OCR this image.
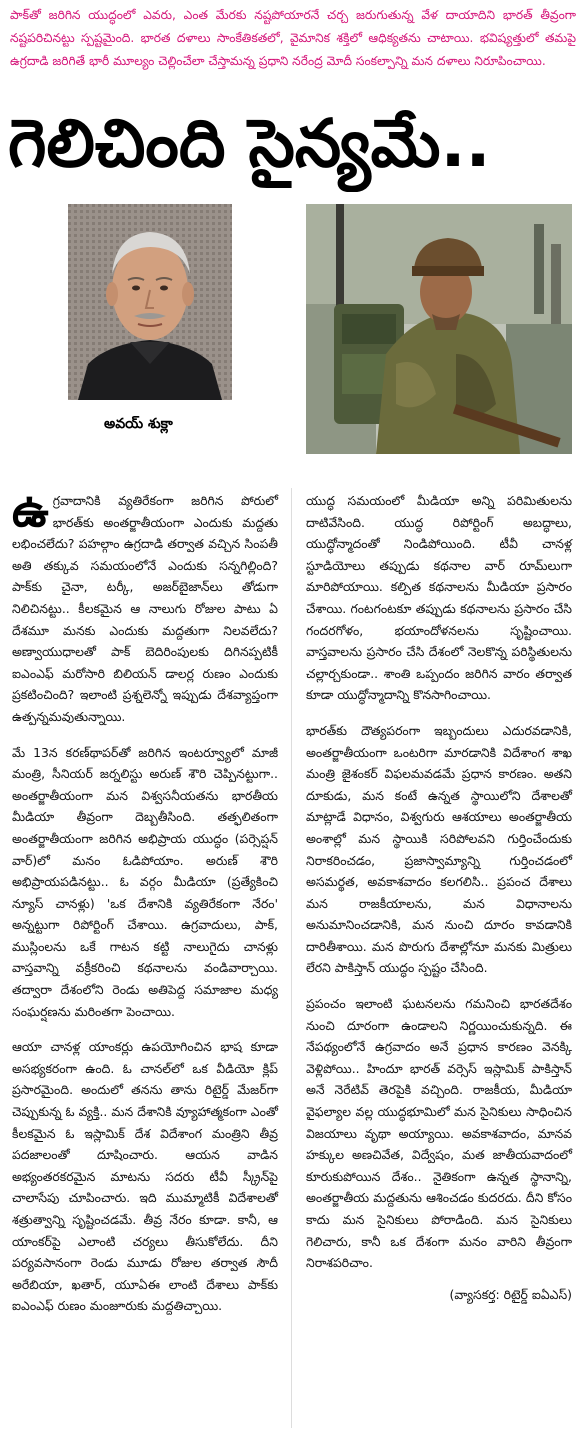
పాక్‌తో జరిగిన యుద్ధంలో ఎవరు, ఎంత మేరకు నష్టపోయారనే చర్చ జరుగుతున్న వేళ దాయాదిని భారత్ తీవ్రంగా నష్టపరిచినట్టు స్పష్టమైంది. భారత దళాలు సాంకేతికతలో, వైమానిక శక్తిలో ఆధిక్యతను చాటాయి. భవిష్యత్తులో తమపై ఉగ్రదాడి జరిగితే భారీ మూల్యం చెల్లించేలా చేస్తామన్న ప్రధాని నరేంద్ర మోదీ సంకల్పాన్ని మన దళాలు నిరూపించాయి.

గెలిచింది సైన్యమే..
అవయ్ శుక్లా

ఉగ్రవాదానికి వ్యతిరేకంగా జరిగిన పోరులో భారత్‌కు అంతర్జాతీయంగా ఎందుకు మద్దతు లభించలేదు? పహల్గాం ఉగ్రదాడి తర్వాత వచ్చిన సింపతీ అతి తక్కువ సమయంలోనే ఎందుకు సన్నగిల్లింది? పాక్‌కు చైనా, టర్కీ, అజర్‌బైజాన్‌లు తోడుగా నిలిచినట్టు.. కీలకమైన ఆ నాలుగు రోజుల పాటు ఏ దేశమూ మనకు ఎందుకు మద్దతుగా నిలవలేదు? అణ్వాయుధాలతో పాక్ బెదిరింపులకు దిగినప్పటికీ ఐఎంఎఫ్ మరోసారి బిలియన్ డాలర్ల రుణం ఎందుకు ప్రకటించింది? ఇలాంటి ప్రశ్నలెన్నో ఇప్పుడు దేశవ్యాప్తంగా ఉత్పన్నమవుతున్నాయి.

మే 13న కరణ్‌థాపర్‌తో జరిగిన ఇంటర్వ్యూలో మాజీ మంత్రి, సీనియర్ జర్నలిస్టు అరుణ్ శౌరి చెప్పినట్టుగా.. అంతర్జాతీయంగా మన విశ్వసనీయతను భారతీయ మీడియా తీవ్రంగా దెబ్బతీసింది. తత్ఫలితంగా అంతర్జాతీయంగా జరిగిన అభిప్రాయ యుద్ధం (పర్సెప్షన్ వార్)లో మనం ఓడిపోయాం. అరుణ్ శౌరి అభిప్రాయపడినట్టు.. ఓ వర్గం మీడియా (ప్రత్యేకించి న్యూస్ చానళ్లు) 'ఒక దేశానికి వ్యతిరేకంగా నేరం' అన్నట్టుగా రిపోర్టింగ్ చేశాయి. ఉగ్రవాదులు, పాక్, ముస్లింలను ఒకే గాటన కట్టి నాలుగైదు చానళ్లు వాస్తవాన్ని వక్రీకరించి కథనాలను వండివార్చాయి. తద్వారా దేశంలోని రెండు అతిపెద్ద సమాజాల మధ్య సంఘర్షణను మరింతగా పెంచాయి.

ఆయా చానళ్ల యాంకర్లు ఉపయోగించిన భాష కూడా అసభ్యకరంగా ఉంది. ఓ చానల్‌లో ఒక వీడియో క్లిప్ ప్రసారమైంది. అందులో తనను తాను రిటైర్డ్ మేజర్‌గా చెప్పుకున్న ఓ వ్యక్తి.. మన దేశానికి వ్యూహాత్మకంగా ఎంతో కీలకమైన ఓ ఇస్లామిక్ దేశ విదేశాంగ మంత్రిని తీవ్ర పదజాలంతో దూషించారు. ఆయన వాడిన అభ్యంతరకరమైన మాటను సదరు టీవీ స్క్రీన్‌పై చాలాసేపు చూపించారు. ఇది ముమ్మాటికీ విదేశాలతో శత్రుత్వాన్ని సృష్టించడమే. తీవ్ర నేరం కూడా. కానీ, ఆ యాంకర్‌పై ఎలాంటి చర్యలు తీసుకోలేదు. దీని పర్యవసానంగా రెండు మూడు రోజుల తర్వాత సౌదీ అరేబియా, ఖతార్, యూఏఈ లాంటి దేశాలు పాక్‌కు ఐఎంఎఫ్ రుణం మంజూరుకు మద్దతిచ్చాయి.

యుద్ధ సమయంలో మీడియా అన్ని పరిమితులను దాటివేసింది. యుద్ధ రిపోర్టింగ్ అబద్ధాలు, యుద్ధోన్మాదంతో నిండిపోయింది. టీవీ చానళ్ల స్టూడియోలు తప్పుడు కథనాల వార్ రూమ్‌లుగా మారిపోయాయి. కల్పిత కథనాలను మీడియా ప్రసారం చేశాయి. గంటగంటకూ తప్పుడు కథనాలను ప్రసారం చేసి గందరగోళం, భయాందోళనలను సృష్టించాయి. వాస్తవాలను ప్రసారం చేసి దేశంలో నెలకొన్న పరిస్థితులను చల్లార్చకుండా.. శాంతి ఒప్పందం జరిగిన వారం తర్వాత కూడా యుద్ధోన్మాదాన్ని కొనసాగించాయి.

భారత్‌కు దౌత్యపరంగా ఇబ్బందులు ఎదురవడానికి, అంతర్జాతీయంగా ఒంటరిగా మారడానికి విదేశాంగ శాఖ మంత్రి జైశంకర్ విఫలమవడమే ప్రధాన కారణం. అతని దూకుడు, మన కంటే ఉన్నత స్థాయిలోని దేశాలతో మాట్లాడే విధానం, విశ్వగురు ఆశయాలు అంతర్జాతీయ అంశాల్లో మన స్థాయికి సరిపోలవని గుర్తించేందుకు నిరాకరించడం, ప్రజాస్వామ్యాన్ని గుర్తించడంలో అసమర్థత, అవకాశవాదం కలగలిసి.. ప్రపంచ దేశాలు మన రాజకీయాలను, మన విధానాలను అనుమానించడానికి, మన నుంచి దూరం కావడానికి దారితీశాయి. మన పొరుగు దేశాల్లోనూ మనకు మిత్రులు లేరని పాకిస్తాన్ యుద్ధం స్పష్టం చేసింది.

ప్రపంచం ఇలాంటి ఘటనలను గమనించి భారతదేశం నుంచి దూరంగా ఉండాలని నిర్ణయించుకున్నది. ఈ నేపథ్యంలోనే ఉగ్రవాదం అనే ప్రధాన కారణం వెనక్కి వెళ్లిపోయి.. హిందూ భారత్ వర్సెస్ ఇస్లామిక్ పాకిస్తాన్ అనే నెరేటివ్ తెరపైకి వచ్చింది. రాజకీయ, మీడియా వైఫల్యాల వల్ల యుద్ధభూమిలో మన సైనికులు సాధించిన విజయాలు వృథా అయ్యాయి. అవకాశవాదం, మానవ హక్కుల అణచివేత, విద్వేషం, మత జాతీయవాదంలో కూరుకుపోయిన దేశం.. నైతికంగా ఉన్నత స్థానాన్ని, అంతర్జాతీయ మద్దతును ఆశించడం కుదరదు. దీని కోసం కాదు మన సైనికులు పోరాడింది. మన సైనికులు గెలిచారు, కానీ ఒక దేశంగా మనం వారిని తీవ్రంగా నిరాశపరిచాం.

(వ్యాసకర్త: రిటైర్డ్ ఐఏఎస్)
